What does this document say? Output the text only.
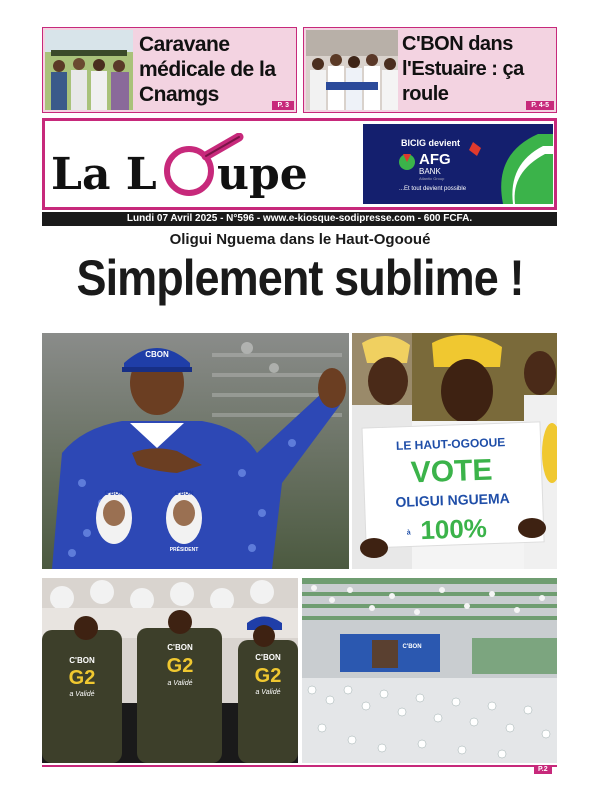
Caravane médicale de la Cnamgs	P. 3
C'BON dans l'Estuaire : ça roule
P. 4-5
La L upe
BICIG devient
AFG
BANK
Atlantic Group
...Et tout devient possible
Lundi 07 Avril 2025 - N°596 - www.e-kiosque-sodipresse.com - 600 FCFA.
Oligui Nguema dans le Haut-Ogooué
Simplement sublime !
CBON
C'BON	C'BON
PRÉSIDENT
LE HAUT-OGOOUE
VOTE
OLIGUI NGUEMA
à 100%
C'BON
G2
a Validé
C'BON
G2
a Validé
C'BON
G2
a Validé
C'BON
P.2
